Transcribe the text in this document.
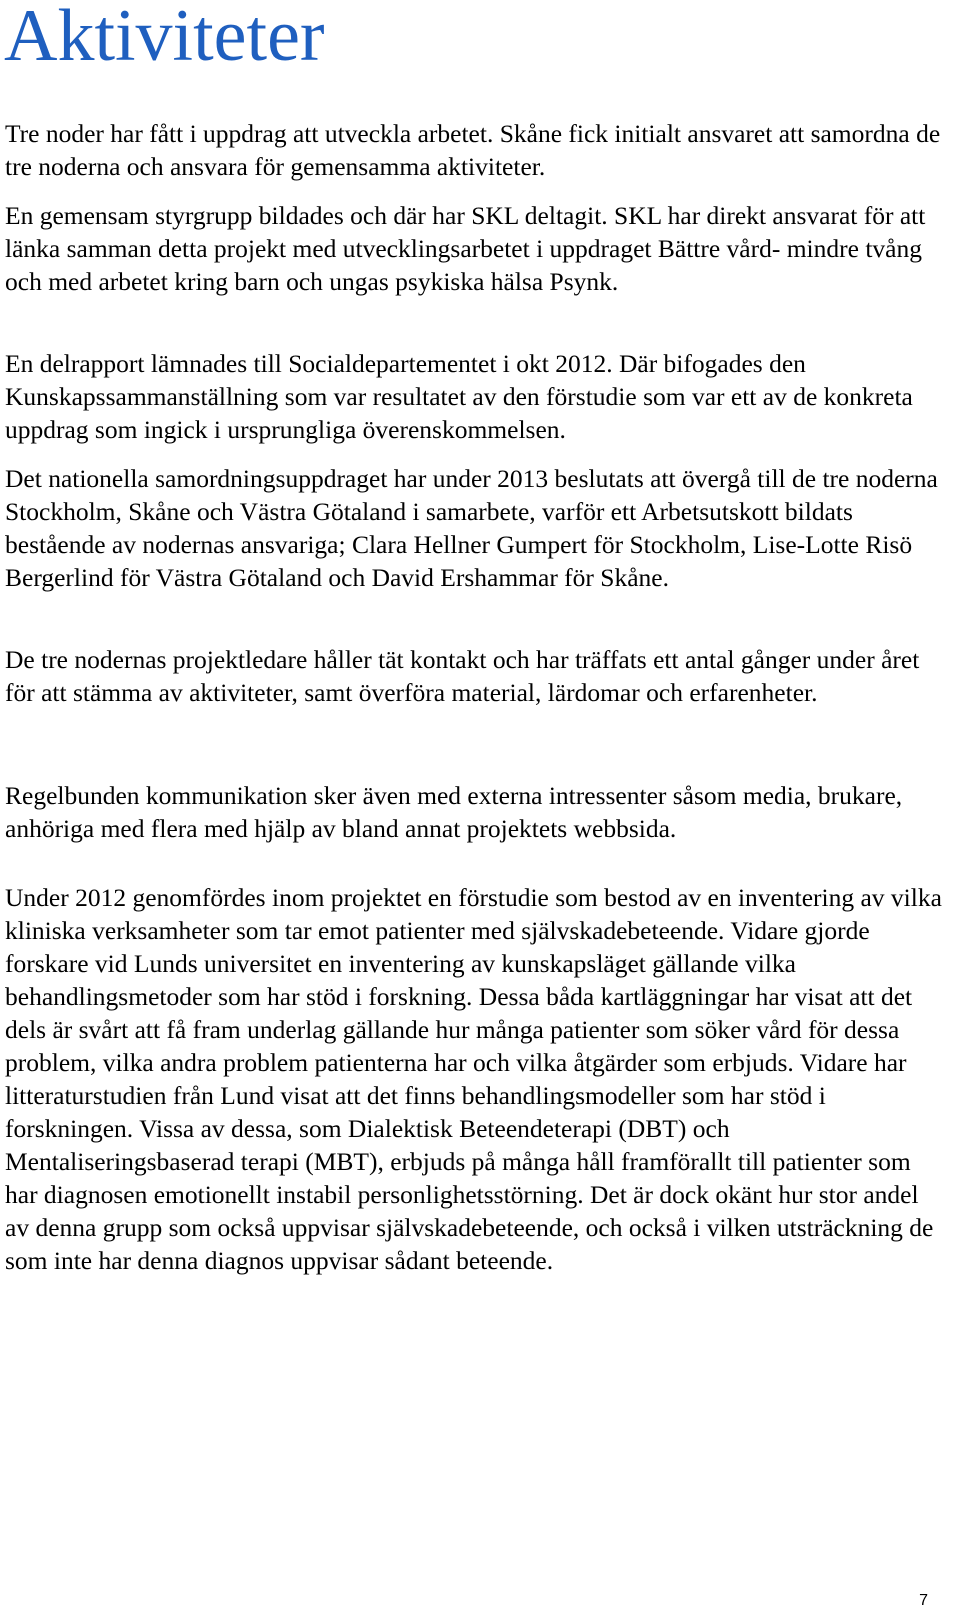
Aktiviteter

Tre noder har fått i uppdrag att utveckla arbetet. Skåne fick initialt ansvaret att samordna de tre noderna och ansvara för gemensamma aktiviteter.

En gemensam styrgrupp bildades och där har SKL deltagit. SKL har direkt ansvarat för att länka samman detta projekt med utvecklingsarbetet i uppdraget Bättre vård- mindre tvång och med arbetet kring barn och ungas psykiska hälsa Psynk.

En delrapport lämnades till Socialdepartementet i okt 2012. Där bifogades den Kunskapssammanställning som var resultatet av den förstudie som var ett av de konkreta uppdrag som ingick i ursprungliga överenskommelsen.

Det nationella samordningsuppdraget har under 2013 beslutats att övergå till de tre noderna Stockholm, Skåne och Västra Götaland i samarbete, varför ett Arbetsutskott bildats bestående av nodernas ansvariga; Clara Hellner Gumpert för Stockholm, Lise-Lotte Risö Bergerlind för Västra Götaland och David Ershammar för Skåne.

De tre nodernas projektledare håller tät kontakt och har träffats ett antal gånger under året för att stämma av aktiviteter, samt överföra material, lärdomar och erfarenheter.

Regelbunden kommunikation sker även med externa intressenter såsom media, brukare, anhöriga med flera med hjälp av bland annat projektets webbsida.

Under 2012 genomfördes inom projektet en förstudie som bestod av en inventering av vilka kliniska verksamheter som tar emot patienter med självskadebeteende. Vidare gjorde forskare vid Lunds universitet en inventering av kunskapsläget gällande vilka behandlingsmetoder som har stöd i forskning. Dessa båda kartläggningar har visat att det dels är svårt att få fram underlag gällande hur många patienter som söker vård för dessa problem, vilka andra problem patienterna har och vilka åtgärder som erbjuds. Vidare har litteraturstudien från Lund visat att det finns behandlingsmodeller som har stöd i forskningen. Vissa av dessa, som Dialektisk Beteendeterapi (DBT) och Mentaliseringsbaserad terapi (MBT), erbjuds på många håll framförallt till patienter som har diagnosen emotionellt instabil personlighetsstörning. Det är dock okänt hur stor andel av denna grupp som också uppvisar självskadebeteende, och också i vilken utsträckning de som inte har denna diagnos uppvisar sådant beteende.

7
